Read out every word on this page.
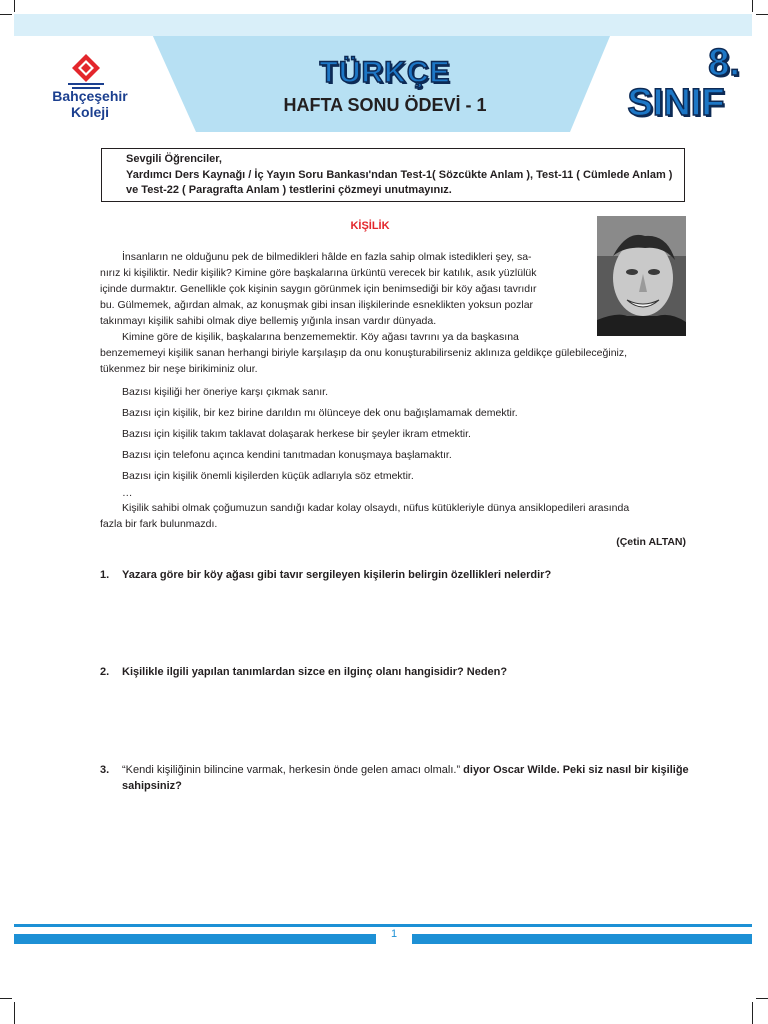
Bahçeşehir
Koleji
TÜRKÇE
HAFTA SONU ÖDEVİ - 1
8.
SINIF
Sevgili Öğrenciler,
Yardımcı Ders Kaynağı / İç Yayın Soru Bankası'ndan Test-1( Sözcükte Anlam ), Test-11 ( Cümlede Anlam )
ve Test-22 ( Paragrafta Anlam ) testlerini çözmeyi unutmayınız.
KİŞİLİK
İnsanların ne olduğunu pek de bilmedikleri hâlde en fazla sahip olmak istedikleri şey, sa-
nırız ki kişiliktir. Nedir kişilik? Kimine göre başkalarına ürküntü verecek bir katılık, asık yüzlülük
içinde durmaktır. Genellikle çok kişinin saygın görünmek için benimsediği bir köy ağası tavrıdır
bu. Gülmemek, ağırdan almak, az konuşmak gibi insan ilişkilerinde esneklikten yoksun pozlar
takınmayı kişilik sahibi olmak diye bellemiş yığınla insan vardır dünyada.
Kimine göre de kişilik, başkalarına benzememektir. Köy ağası tavrını ya da başkasına
benzememeyi kişilik sanan herhangi biriyle karşılaşıp da onu konuşturabilirseniz aklınıza geldikçe gülebileceğiniz,
tükenmez bir neşe birikiminiz olur.
Bazısı kişiliği her öneriye karşı çıkmak sanır.
Bazısı için kişilik, bir kez birine darıldın mı ölünceye dek onu bağışlamamak demektir.
Bazısı için kişilik takım taklavat dolaşarak herkese bir şeyler ikram etmektir.
Bazısı için telefonu açınca kendini tanıtmadan konuşmaya başlamaktır.
Bazısı için kişilik önemli kişilerden küçük adlarıyla söz etmektir.
…
Kişilik sahibi olmak çoğumuzun sandığı kadar kolay olsaydı, nüfus kütükleriyle dünya ansiklopedileri arasında
fazla bir fark bulunmazdı.
(Çetin ALTAN)
1. Yazara göre bir köy ağası gibi tavır sergileyen kişilerin belirgin özellikleri nelerdir?
2. Kişilikle ilgili yapılan tanımlardan sizce en ilginç olanı hangisidir? Neden?
3. “Kendi kişiliğinin bilincine varmak, herkesin önde gelen amacı olmalı.” diyor Oscar Wilde. Peki siz nasıl bir kişiliğe sahipsiniz?
1
